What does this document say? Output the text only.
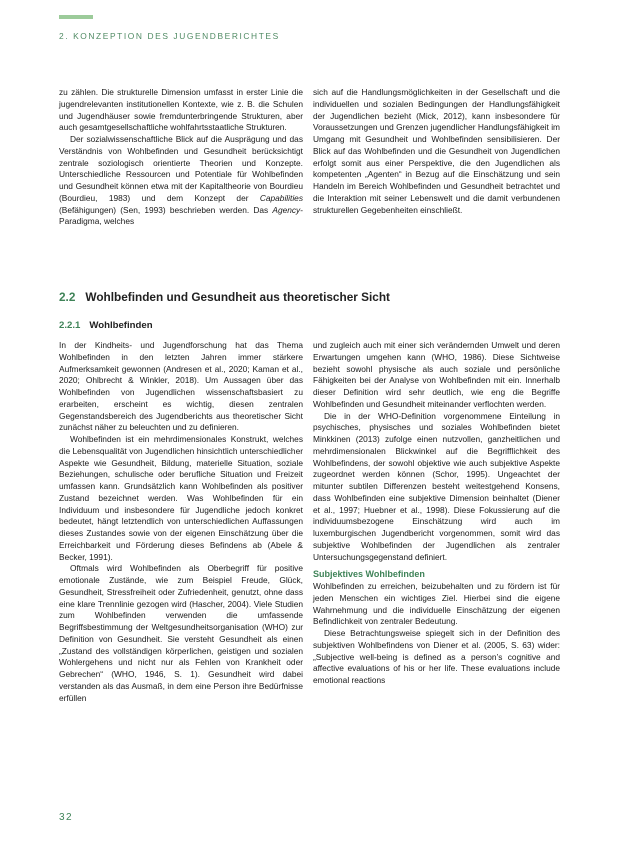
2. KONZEPTION DES JUGENDBERICHTES

zu zählen. Die strukturelle Dimension umfasst in erster Linie die jugendrelevanten institutionellen Kontexte, wie z. B. die Schulen und Jugendhäuser sowie fremdunterbringende Strukturen, aber auch gesamtgesellschaftliche wohlfahrtsstaatliche Strukturen.

Der sozialwissenschaftliche Blick auf die Ausprägung und das Verständnis von Wohlbefinden und Gesundheit berücksichtigt zentrale soziologisch orientierte Theorien und Konzepte. Unterschiedliche Ressourcen und Potentiale für Wohlbefinden und Gesundheit können etwa mit der Kapitaltheorie von Bourdieu (Bourdieu, 1983) und dem Konzept der Capabilities (Befähigungen) (Sen, 1993) beschrieben werden. Das Agency-Paradigma, welches

sich auf die Handlungsmöglichkeiten in der Gesellschaft und die individuellen und sozialen Bedingungen der Handlungsfähigkeit der Jugendlichen bezieht (Mick, 2012), kann insbesondere für Voraussetzungen und Grenzen jugendlicher Handlungsfähigkeit im Umgang mit Gesundheit und Wohlbefinden sensibilisieren. Der Blick auf das Wohlbefinden und die Gesundheit von Jugendlichen erfolgt somit aus einer Perspektive, die den Jugendlichen als kompetenten „Agenten“ in Bezug auf die Einschätzung und sein Handeln im Bereich Wohlbefinden und Gesundheit betrachtet und die Interaktion mit seiner Lebenswelt und die damit verbundenen strukturellen Gegebenheiten einschließt.

2.2 Wohlbefinden und Gesundheit aus theoretischer Sicht
2.2.1 Wohlbefinden

In der Kindheits- und Jugendforschung hat das Thema Wohlbefinden in den letzten Jahren immer stärkere Aufmerksamkeit gewonnen (Andresen et al., 2020; Kaman et al., 2020; Ohlbrecht & Winkler, 2018). Um Aussagen über das Wohlbefinden von Jugendlichen wissenschaftsbasiert zu erarbeiten, erscheint es wichtig, diesen zentralen Gegenstandsbereich des Jugendberichts aus theoretischer Sicht zunächst näher zu beleuchten und zu definieren.

Wohlbefinden ist ein mehrdimensionales Konstrukt, welches die Lebensqualität von Jugendlichen hinsichtlich unterschiedlicher Aspekte wie Gesundheit, Bildung, materielle Situation, soziale Beziehungen, schulische oder berufliche Situation und Freizeit umfassen kann. Grundsätzlich kann Wohlbefinden als positiver Zustand bezeichnet werden. Was Wohlbefinden für ein Individuum und insbesondere für Jugendliche jedoch konkret bedeutet, hängt letztendlich von unterschiedlichen Auffassungen dieses Zustandes sowie von der eigenen Einschätzung über die Erreichbarkeit und Förderung dieses Befindens ab (Abele & Becker, 1991).

Oftmals wird Wohlbefinden als Oberbegriff für positive emotionale Zustände, wie zum Beispiel Freude, Glück, Gesundheit, Stressfreiheit oder Zufriedenheit, genutzt, ohne dass eine klare Trennlinie gezogen wird (Hascher, 2004). Viele Studien zum Wohlbefinden verwenden die umfassende Begriffsbestimmung der Weltgesundheitsorganisation (WHO) zur Definition von Gesundheit. Sie versteht Gesundheit als einen „Zustand des vollständigen körperlichen, geistigen und sozialen Wohlergehens und nicht nur als Fehlen von Krankheit oder Gebrechen“ (WHO, 1946, S. 1). Gesundheit wird dabei verstanden als das Ausmaß, in dem eine Person ihre Bedürfnisse erfüllen

und zugleich auch mit einer sich verändernden Umwelt und deren Erwartungen umgehen kann (WHO, 1986). Diese Sichtweise bezieht sowohl physische als auch soziale und persönliche Fähigkeiten bei der Analyse von Wohlbefinden mit ein. Innerhalb dieser Definition wird sehr deutlich, wie eng die Begriffe Wohlbefinden und Gesundheit miteinander verflochten werden.

Die in der WHO-Definition vorgenommene Einteilung in psychisches, physisches und soziales Wohlbefinden bietet Minkkinen (2013) zufolge einen nutzvollen, ganzheitlichen und mehrdimensionalen Blickwinkel auf die Begrifflichkeit des Wohlbefindens, der sowohl objektive wie auch subjektive Aspekte zugeordnet werden können (Schor, 1995). Ungeachtet der mitunter subtilen Differenzen besteht weitestgehend Konsens, dass Wohlbefinden eine subjektive Dimension beinhaltet (Diener et al., 1997; Huebner et al., 1998). Diese Fokussierung auf die individuumsbezogene Einschätzung wird auch im luxemburgischen Jugendbericht vorgenommen, somit wird das subjektive Wohlbefinden der Jugendlichen als zentraler Untersuchungsgegenstand definiert.

Subjektives Wohlbefinden

Wohlbefinden zu erreichen, beizubehalten und zu fördern ist für jeden Menschen ein wichtiges Ziel. Hierbei sind die eigene Wahrnehmung und die individuelle Einschätzung der eigenen Befindlichkeit von zentraler Bedeutung.

Diese Betrachtungsweise spiegelt sich in der Definition des subjektiven Wohlbefindens von Diener et al. (2005, S. 63) wider: „Subjective well-being is defined as a person’s cognitive and affective evaluations of his or her life. These evaluations include emotional reactions

32
